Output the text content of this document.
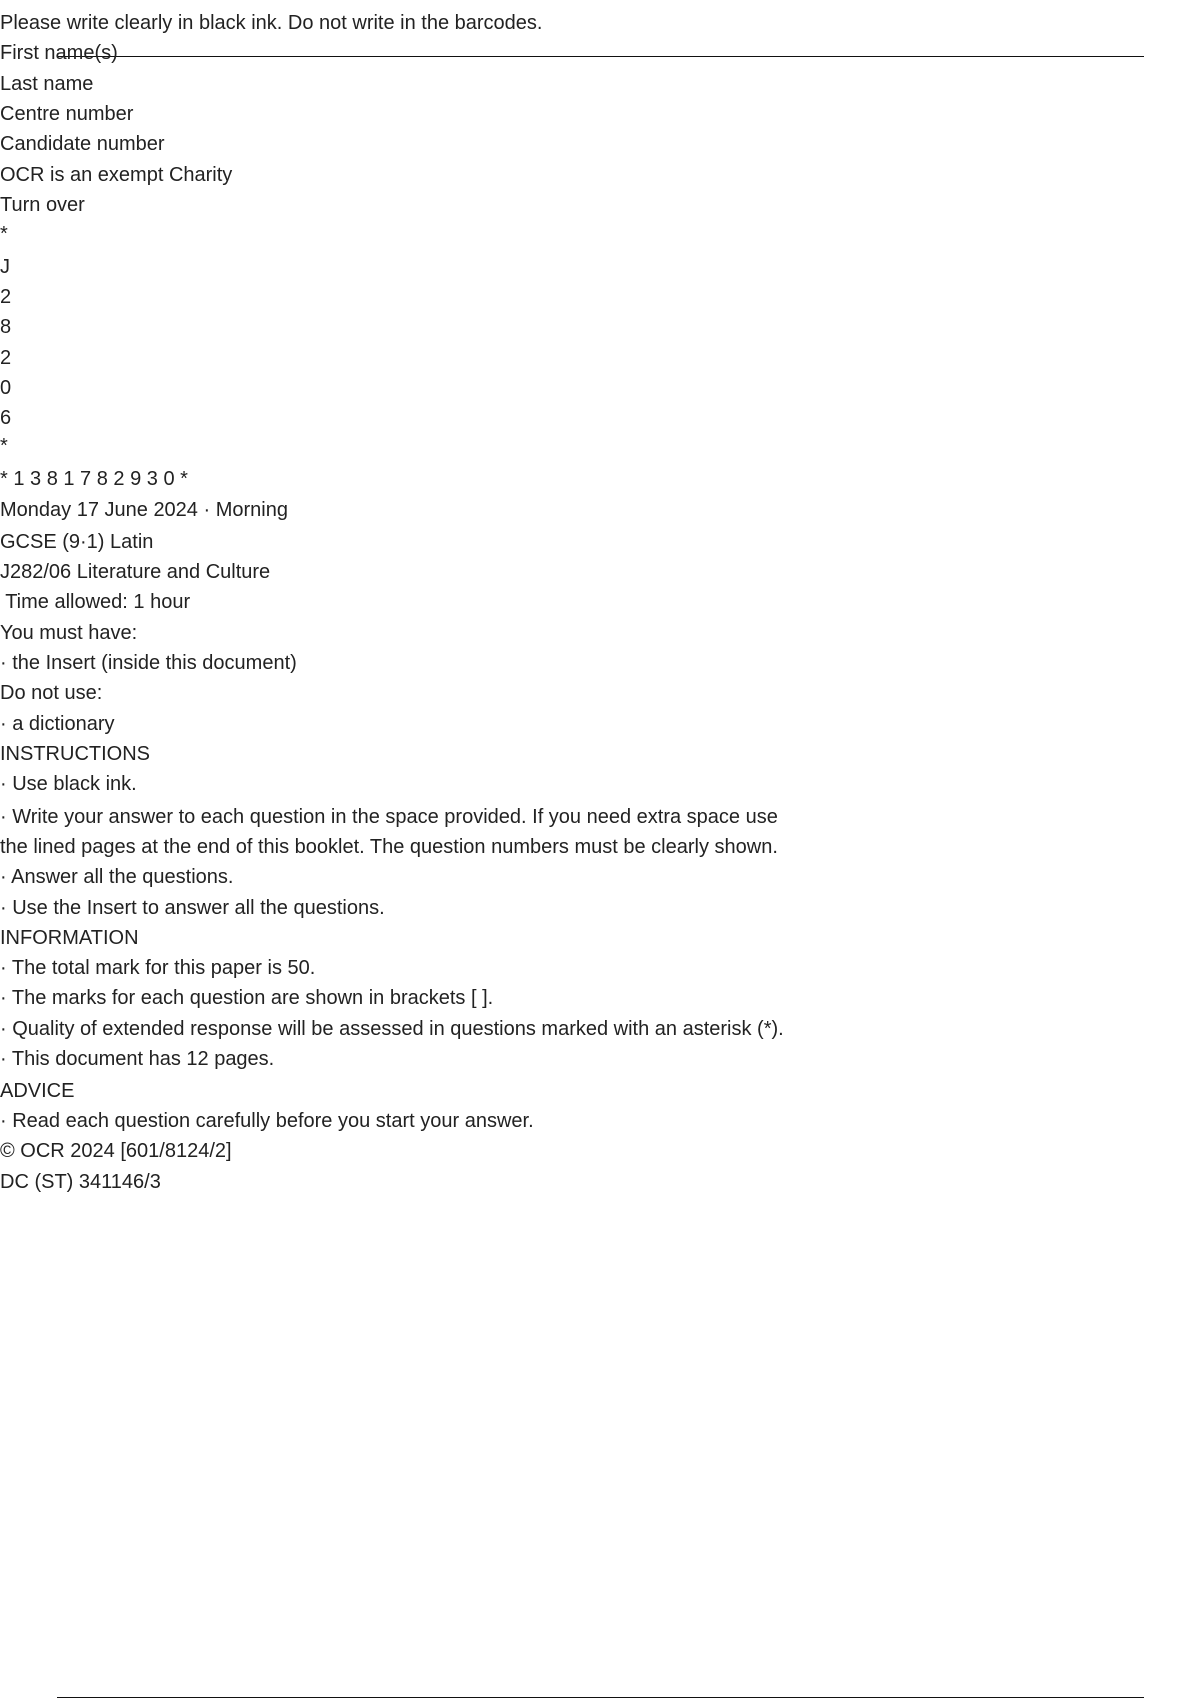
Please write clearly in black ink. Do not write in the barcodes.
First name(s)
Last name
Centre number
Candidate number
OCR is an exempt Charity
Turn over
*
J
2
8
2
0
6
*
* 1 3 8 1 7 8 2 9 3 0 *
Monday 17 June 2024 · Morning
GCSE (9·1) Latin
J282/06 Literature and Culture
Time allowed: 1 hour
You must have:
· the Insert (inside this document)
Do not use:
· a dictionary
INSTRUCTIONS
· Use black ink.
· Write your answer to each question in the space provided. If you need extra space use
the lined pages at the end of this booklet. The question numbers must be clearly shown.
· Answer all the questions.
· Use the Insert to answer all the questions.
INFORMATION
· The total mark for this paper is 50.
· The marks for each question are shown in brackets [ ].
· Quality of extended response will be assessed in questions marked with an asterisk (*).
· This document has 12 pages.
ADVICE
· Read each question carefully before you start your answer.
© OCR 2024 [601/8124/2]
DC (ST) 341146/3
